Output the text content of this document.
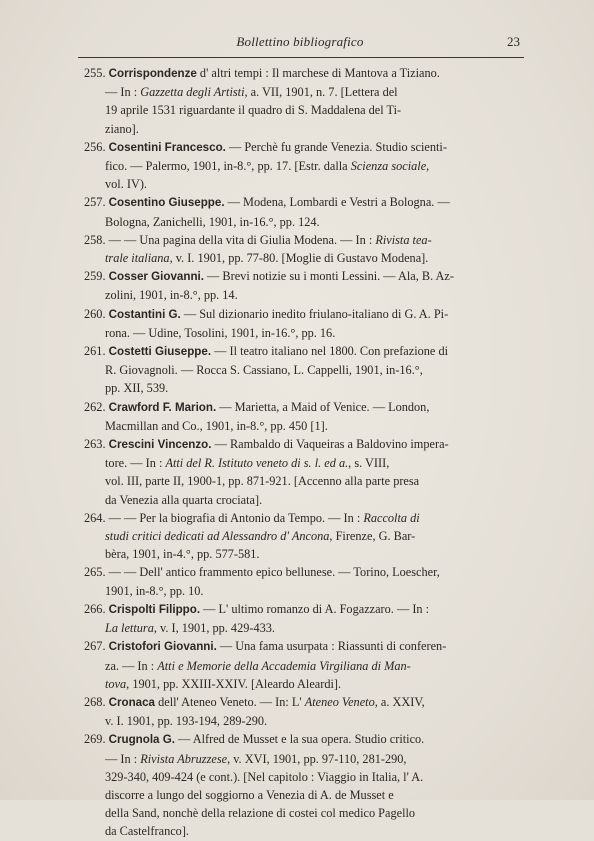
Bollettino bibliografico	23

255. Corrispondenze d' altri tempi : Il marchese di Mantova a Tiziano.
— In : Gazzetta degli Artisti, a. VII, 1901, n. 7. [Lettera del
19 aprile 1531 riguardante il quadro di S. Maddalena del Ti-
ziano].

256. Cosentini Francesco. — Perchè fu grande Venezia. Studio scienti-
fico. — Palermo, 1901, in-8.°, pp. 17. [Estr. dalla Scienza sociale,
vol. IV).

257. Cosentino Giuseppe. — Modena, Lombardi e Vestri a Bologna. —
Bologna, Zanichelli, 1901, in-16.°, pp. 124.

258. — — Una pagina della vita di Giulia Modena. — In : Rivista tea-
trale italiana, v. I. 1901, pp. 77-80. [Moglie di Gustavo Modena].

259. Cosser Giovanni. — Brevi notizie su i monti Lessini. — Ala, B. Az-
zolini, 1901, in-8.°, pp. 14.

260. Costantini G. — Sul dizionario inedito friulano-italiano di G. A. Pi-
rona. — Udine, Tosolini, 1901, in-16.°, pp. 16.

261. Costetti Giuseppe. — Il teatro italiano nel 1800. Con prefazione di
R. Giovagnoli. — Rocca S. Cassiano, L. Cappelli, 1901, in-16.°,
pp. XII, 539.

262. Crawford F. Marion. — Marietta, a Maid of Venice. — London,
Macmillan and Co., 1901, in-8.°, pp. 450 [1].

263. Crescini Vincenzo. — Rambaldo di Vaqueiras a Baldovino impera-
tore. — In : Atti del R. Istituto veneto di s. l. ed a., s. VIII,
vol. III, parte II, 1900-1, pp. 871-921. [Accenno alla parte presa
da Venezia alla quarta crociata].

264. — — Per la biografia di Antonio da Tempo. — In : Raccolta di
studi critici dedicati ad Alessandro d' Ancona, Firenze, G. Bar-
bèra, 1901, in-4.°, pp. 577-581.

265. — — Dell' antico frammento epico bellunese. — Torino, Loescher,
1901, in-8.°, pp. 10.

266. Crispolti Filippo. — L' ultimo romanzo di A. Fogazzaro. — In :
La lettura, v. I, 1901, pp. 429-433.

267. Cristofori Giovanni. — Una fama usurpata : Riassunti di conferen-
za. — In : Atti e Memorie della Accademia Virgiliana di Man-
tova, 1901, pp. XXIII-XXIV. [Aleardo Aleardi].

268. Cronaca dell' Ateneo Veneto. — In: L' Ateneo Veneto, a. XXIV,
v. I. 1901, pp. 193-194, 289-290.

269. Crugnola G. — Alfred de Musset e la sua opera. Studio critico.
— In : Rivista Abruzzese, v. XVI, 1901, pp. 97-110, 281-290,
329-340, 409-424 (e cont.). [Nel capitolo : Viaggio in Italia, l' A.
discorre a lungo del soggiorno a Venezia di A. de Musset e
della Sand, nonchè della relazione di costei col medico Pagello
da Castelfranco].
